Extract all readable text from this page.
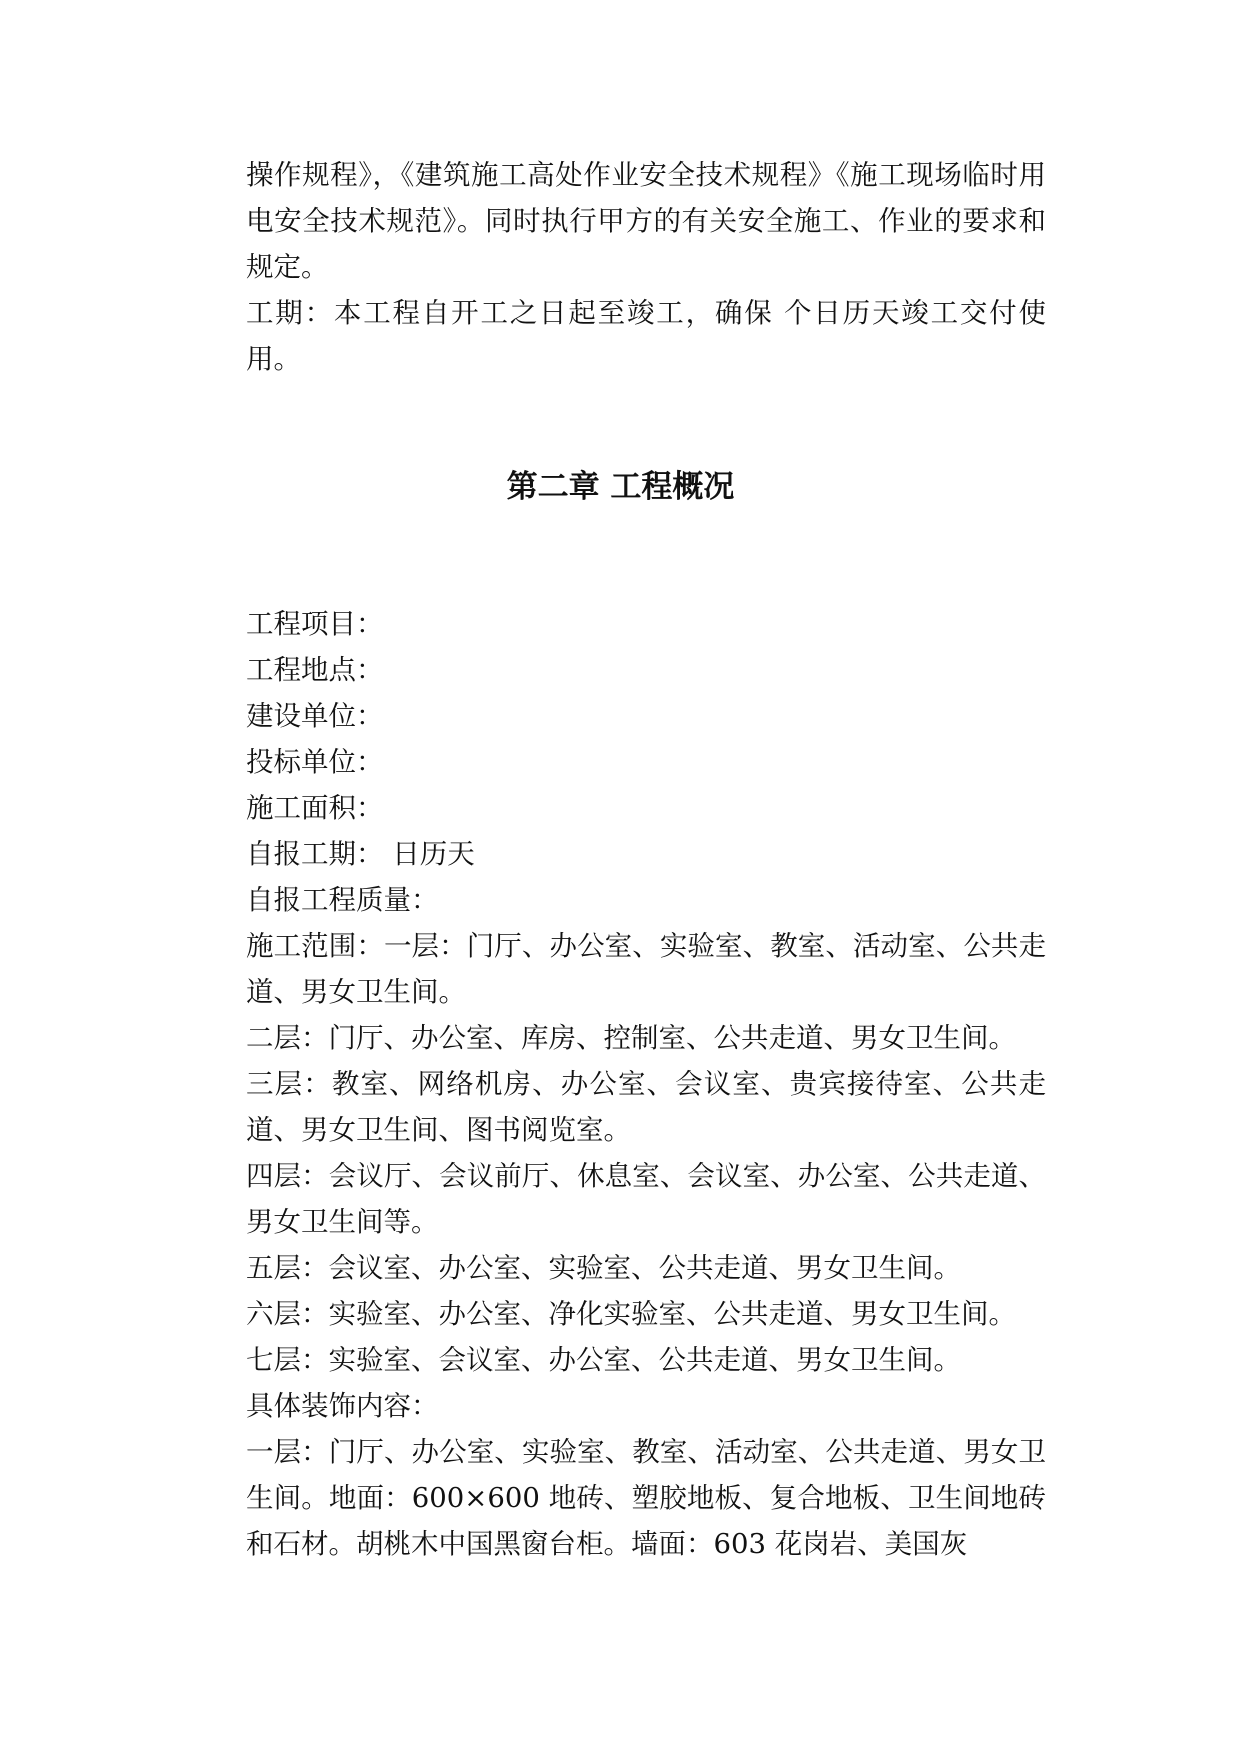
操作规程》，《建筑施工高处作业安全技术规程》《施工现场临时用电安全技术规范》。同时执行甲方的有关安全施工、作业的要求和规定。

工期：本工程自开工之日起至竣工，确保 个日历天竣工交付使用。

第二章 工程概况

工程项目：

工程地点：

建设单位：

投标单位：

施工面积：

自报工期： 日历天

自报工程质量：

施工范围：一层：门厅、办公室、实验室、教室、活动室、公共走道、男女卫生间。

二层：门厅、办公室、库房、控制室、公共走道、男女卫生间。

三层：教室、网络机房、办公室、会议室、贵宾接待室、公共走道、男女卫生间、图书阅览室。

四层：会议厅、会议前厅、休息室、会议室、办公室、公共走道、男女卫生间等。

五层：会议室、办公室、实验室、公共走道、男女卫生间。

六层：实验室、办公室、净化实验室、公共走道、男女卫生间。

七层：实验室、会议室、办公室、公共走道、男女卫生间。

具体装饰内容：

一层：门厅、办公室、实验室、教室、活动室、公共走道、男女卫生间。地面：600×600 地砖、塑胶地板、复合地板、卫生间地砖和石材。胡桃木中国黑窗台柜。墙面：603 花岗岩、美国灰
